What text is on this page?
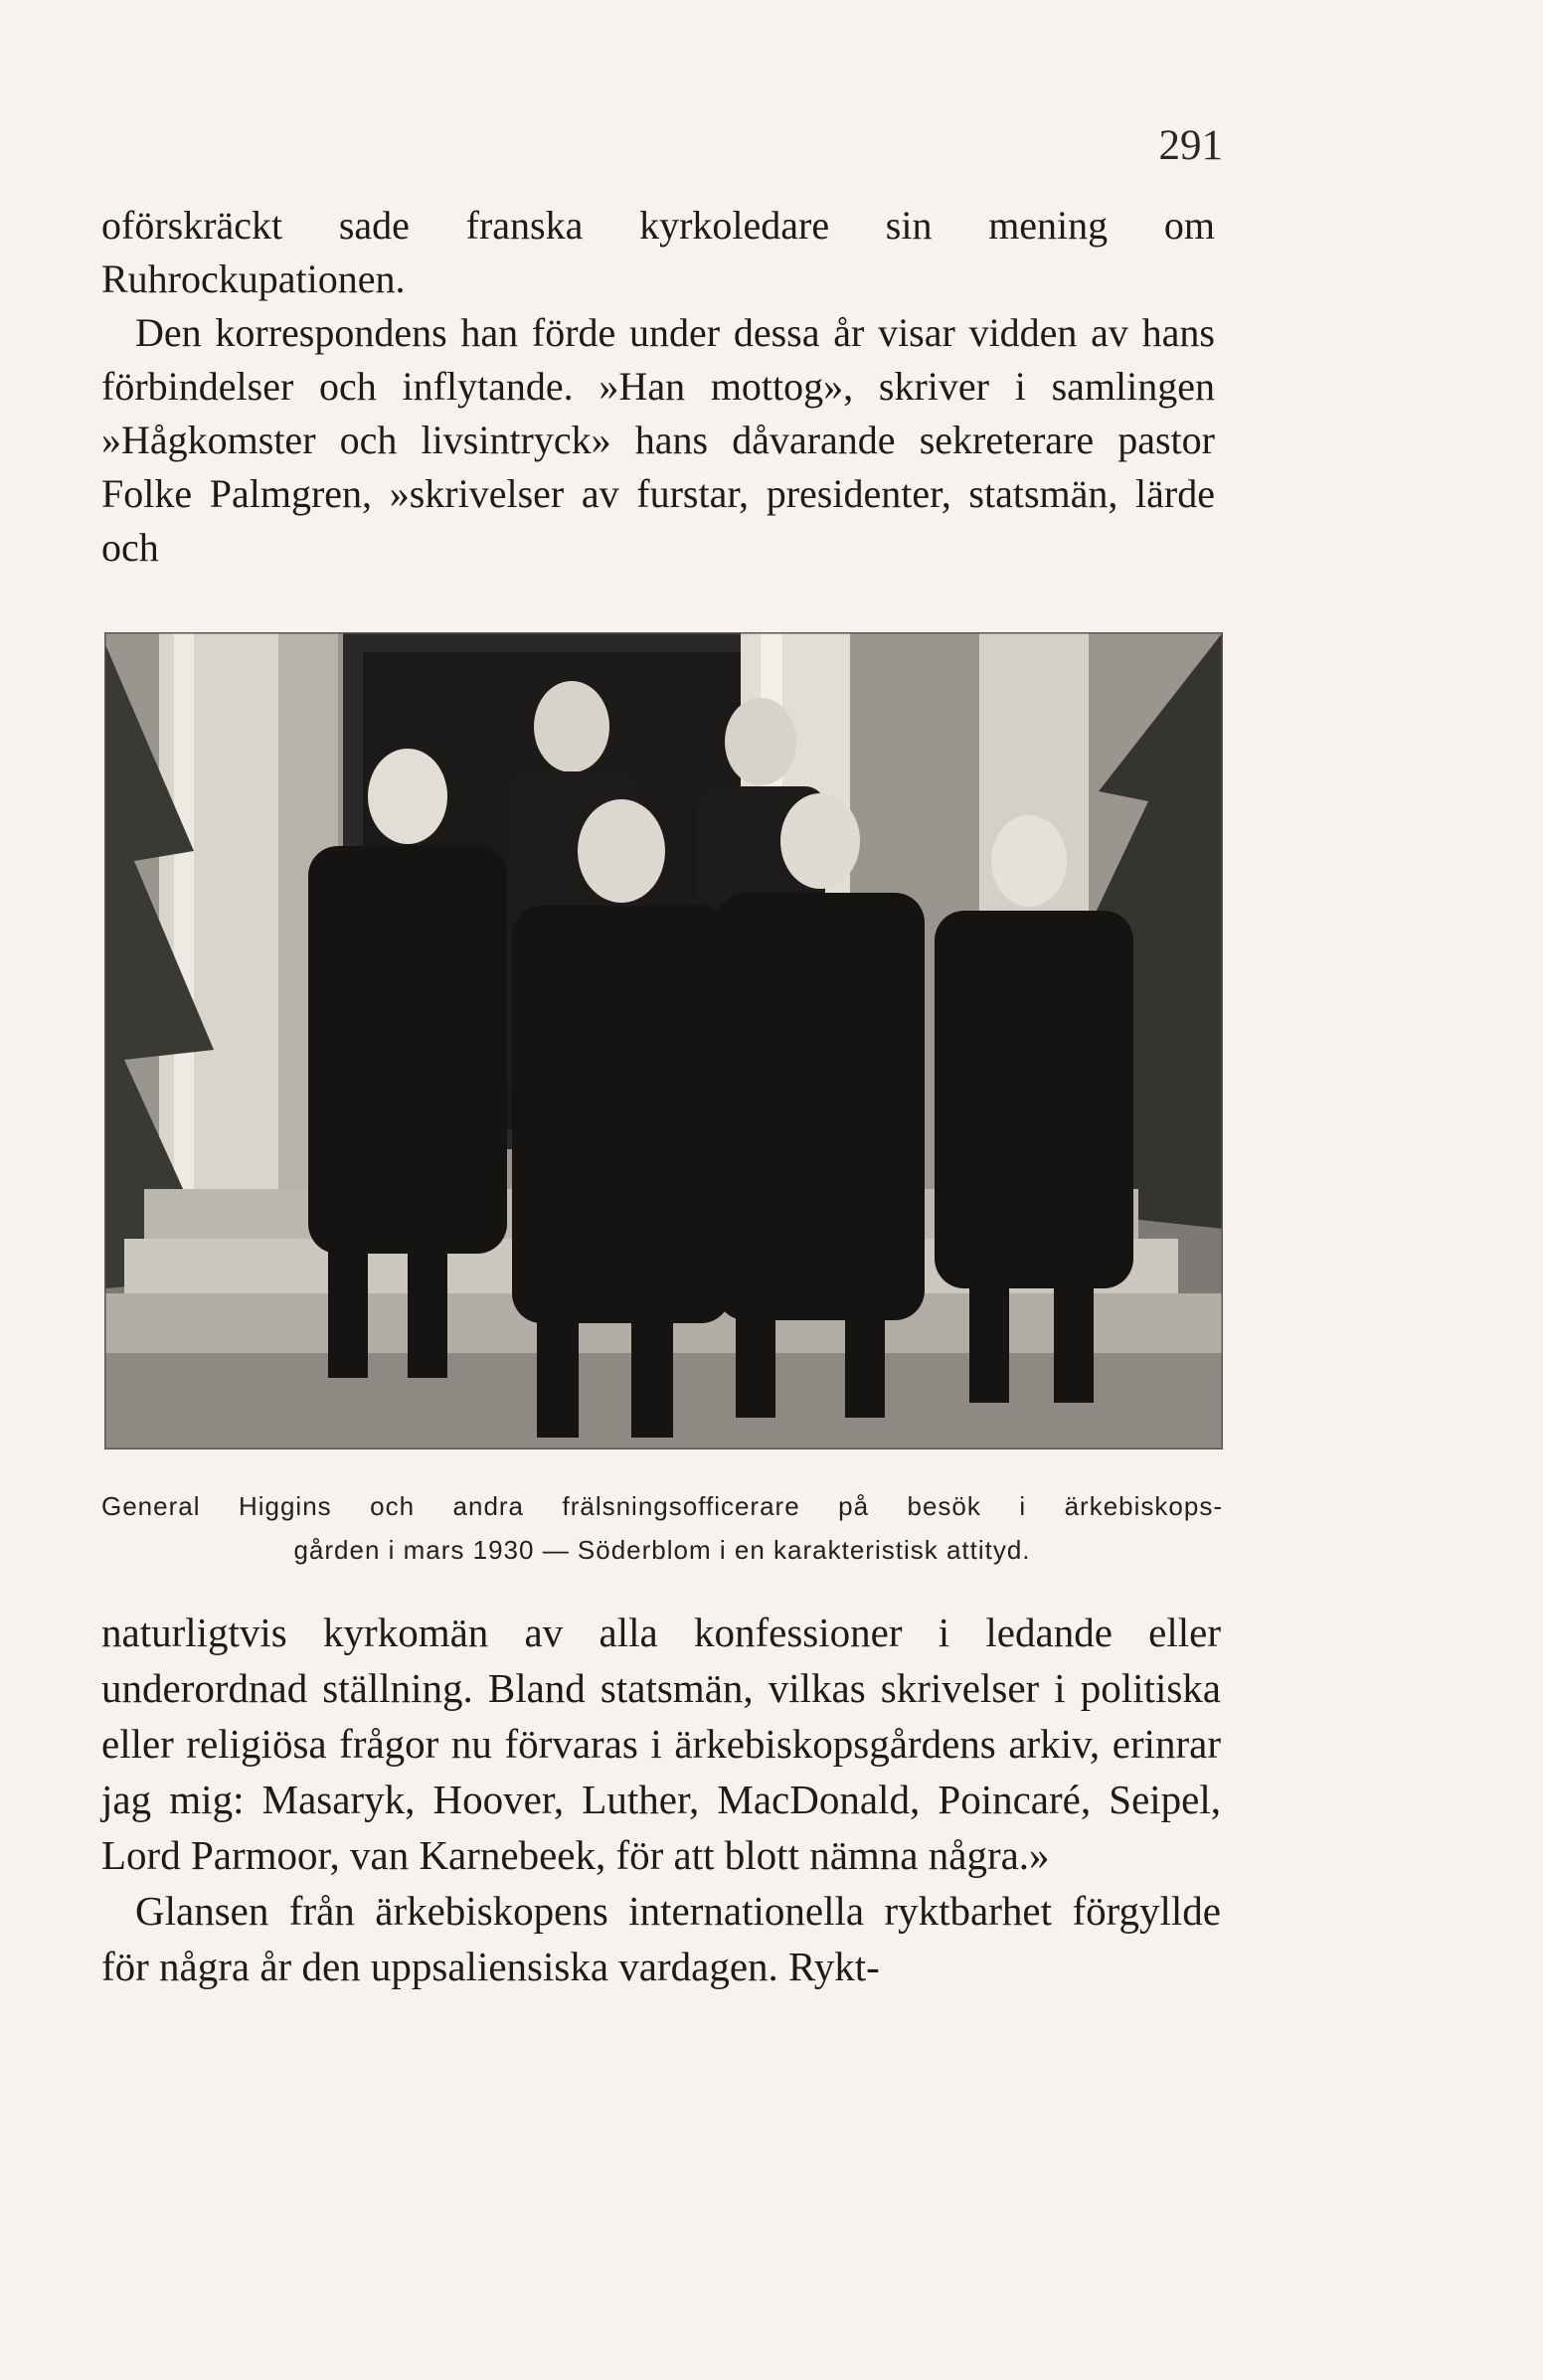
291

oförskräckt sade franska kyrkoledare sin mening om Ruhrockupationen.

Den korrespondens han förde under dessa år visar vidden av hans förbindelser och inflytande. »Han mottog», skriver i samlingen »Hågkomster och livsintryck» hans dåvarande sekreterare pastor Folke Palmgren, »skrivelser av furstar, presidenter, statsmän, lärde och

General Higgins och andra frälsningsofficerare på besök i ärkebiskops-
gården i mars 1930 — Söderblom i en karakteristisk attityd.

naturligtvis kyrkomän av alla konfessioner i ledande eller underordnad ställning. Bland statsmän, vilkas skrivelser i politiska eller religiösa frågor nu förvaras i ärkebiskopsgårdens arkiv, erinrar jag mig: Masaryk, Hoover, Luther, MacDonald, Poincaré, Seipel, Lord Parmoor, van Karnebeek, för att blott nämna några.»

Glansen från ärkebiskopens internationella ryktbarhet förgyllde för några år den uppsaliensiska vardagen. Rykt-
